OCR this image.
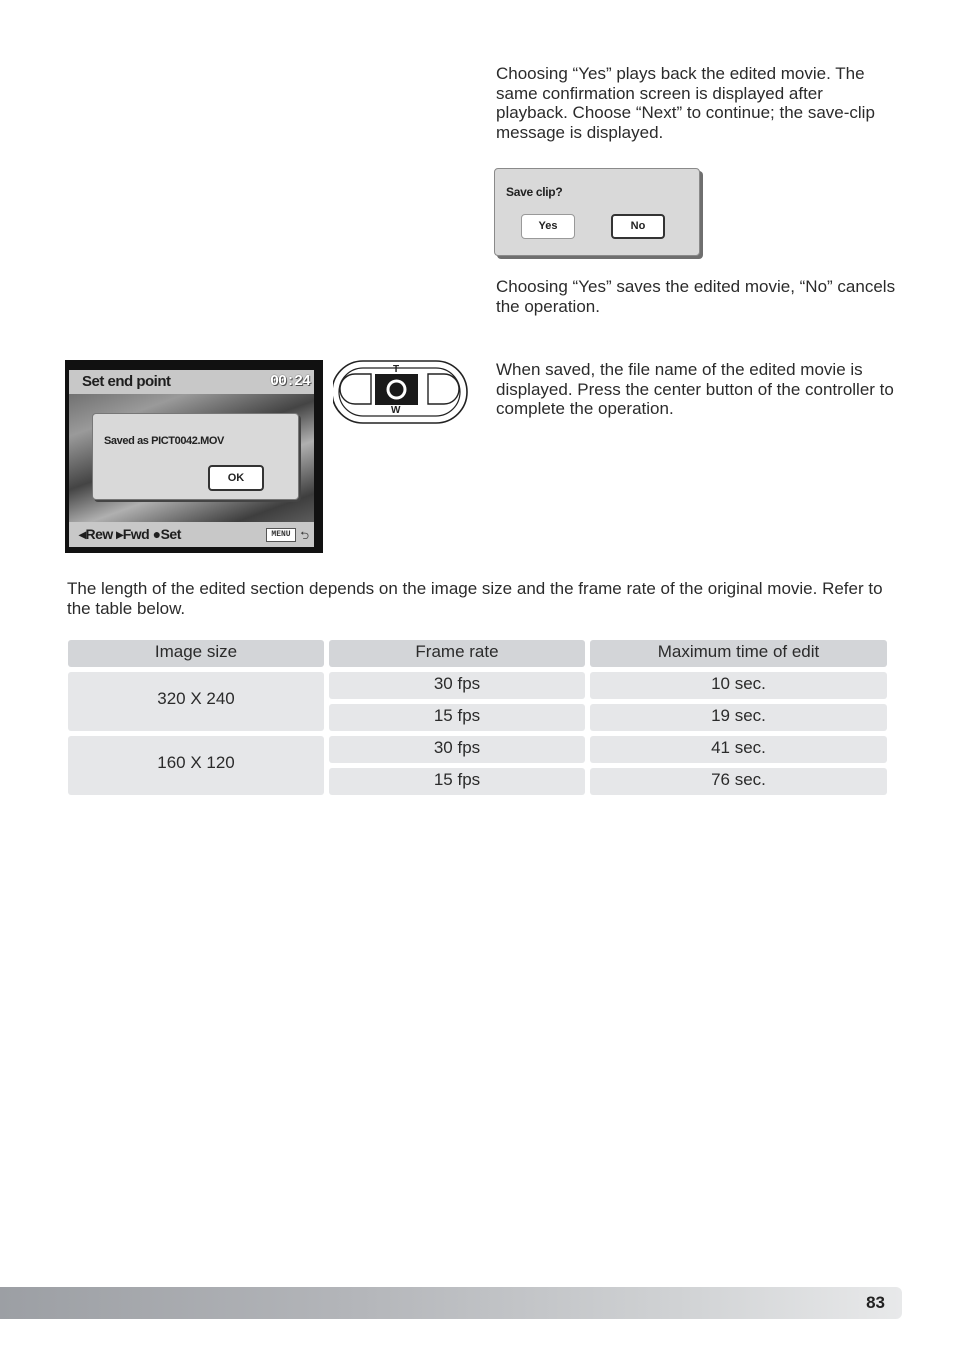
Choosing “Yes” plays back the edited movie. The same confirmation screen is displayed after playback. Choose “Next” to continue; the save-clip message is displayed.

Save clip?
Yes	No

Choosing “Yes” saves the edited movie, “No” cancels the operation.

When saved, the file name of the edited movie is displayed. Press the center button of the controller to complete the operation.

Set end point	00:24
Saved as PICT0042.MOV
OK
◂Rew ▸Fwd ●Set	MENU ⮌
T
W

The length of the edited section depends on the image size and the frame rate of the original movie. Refer to the table below.

Image size	Frame rate	Maximum time of edit
320 X 240
30 fps	10 sec.
15 fps	19 sec.
160 X 120
30 fps	41 sec.
15 fps	76 sec.
83
